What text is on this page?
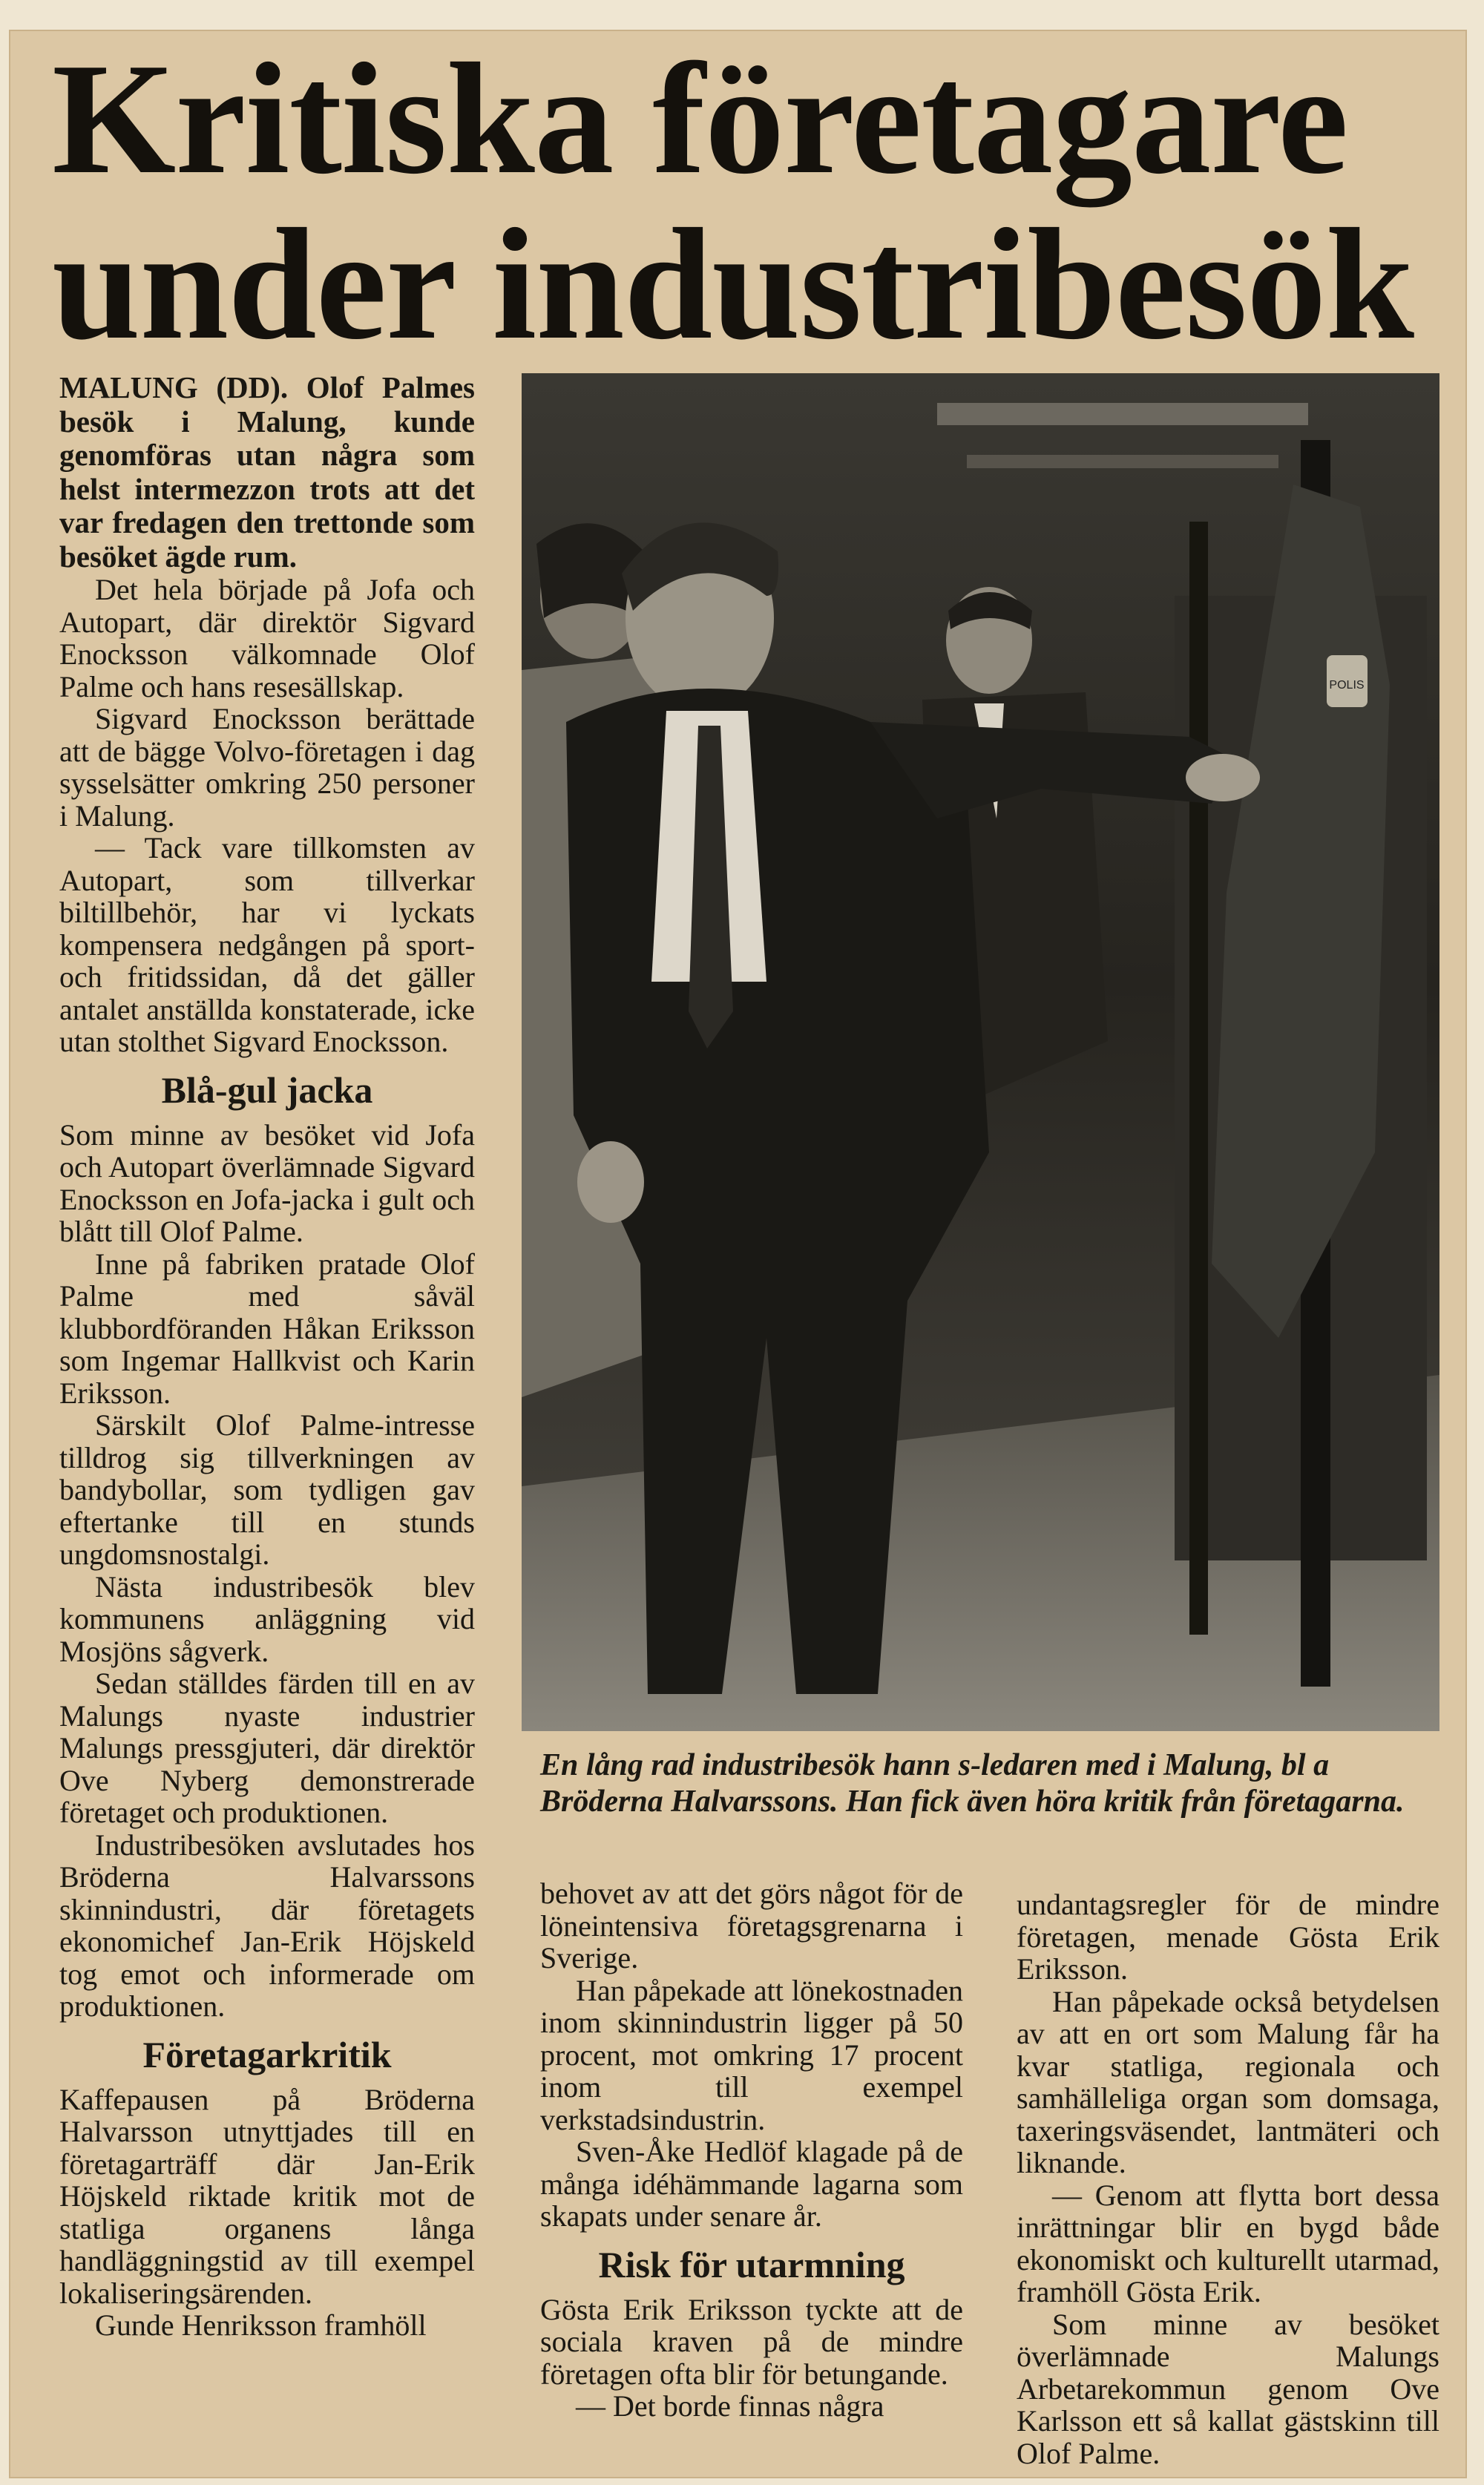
Kritiska företagare
under industribesök

MALUNG (DD). Olof Palmes besök i Malung, kunde genomföras utan några som helst intermezzon trots att det var fredagen den trettonde som besöket ägde rum.

Det hela började på Jofa och Autopart, där direktör Sigvard Enocksson välkomnade Olof Palme och hans resesällskap.

Sigvard Enocksson berättade att de bägge Volvo-företagen i dag sysselsätter omkring 250 personer i Malung.

— Tack vare tillkomsten av Autopart, som tillverkar biltillbehör, har vi lyckats kompensera nedgången på sport-och fritidssidan, då det gäller antalet anställda konstaterade, icke utan stolthet Sigvard Enocksson.

Blå-gul jacka

Som minne av besöket vid Jofa och Autopart överlämnade Sigvard Enocksson en Jofa-jacka i gult och blått till Olof Palme.

Inne på fabriken pratade Olof Palme med såväl klubbordföranden Håkan Eriksson som Ingemar Hallkvist och Karin Eriksson.

Särskilt Olof Palme-intresse tilldrog sig tillverkningen av bandybollar, som tydligen gav eftertanke till en stunds ungdomsnostalgi.

Nästa industribesök blev kommunens anläggning vid Mosjöns sågverk.

Sedan ställdes färden till en av Malungs nyaste industrier Malungs pressgjuteri, där direktör Ove Nyberg demonstrerade företaget och produktionen.

Industribesöken avslutades hos Bröderna Halvarssons skinnindustri, där företagets ekonomichef Jan-Erik Höjskeld tog emot och informerade om produktionen.

Företagarkritik

Kaffepausen på Bröderna Halvarsson utnyttjades till en företagarträff där Jan-Erik Höjskeld riktade kritik mot de statliga organens långa handläggningstid av till exempel lokaliseringsärenden.

Gunde Henriksson framhöll

POLIS

En lång rad industribesök hann s-ledaren med i Malung, bl a Bröderna Halvarssons. Han fick även höra kritik från företagarna.

behovet av att det görs något för de löneintensiva företagsgrenarna i Sverige.

Han påpekade att lönekostnaden inom skinnindustrin ligger på 50 procent, mot omkring 17 procent inom till exempel verkstadsindustrin.

Sven-Åke Hedlöf klagade på de många idéhämmande lagarna som skapats under senare år.

Risk för utarmning

Gösta Erik Eriksson tyckte att de sociala kraven på de mindre företagen ofta blir för betungande.

— Det borde finnas några

undantagsregler för de mindre företagen, menade Gösta Erik Eriksson.

Han påpekade också betydelsen av att en ort som Malung får ha kvar statliga, regionala och samhälleliga organ som domsaga, taxeringsväsendet, lantmäteri och liknande.

— Genom att flytta bort dessa inrättningar blir en bygd både ekonomiskt och kulturellt utarmad, framhöll Gösta Erik.

Som minne av besöket överlämnade Malungs Arbetarekommun genom Ove Karlsson ett så kallat gästskinn till Olof Palme.
